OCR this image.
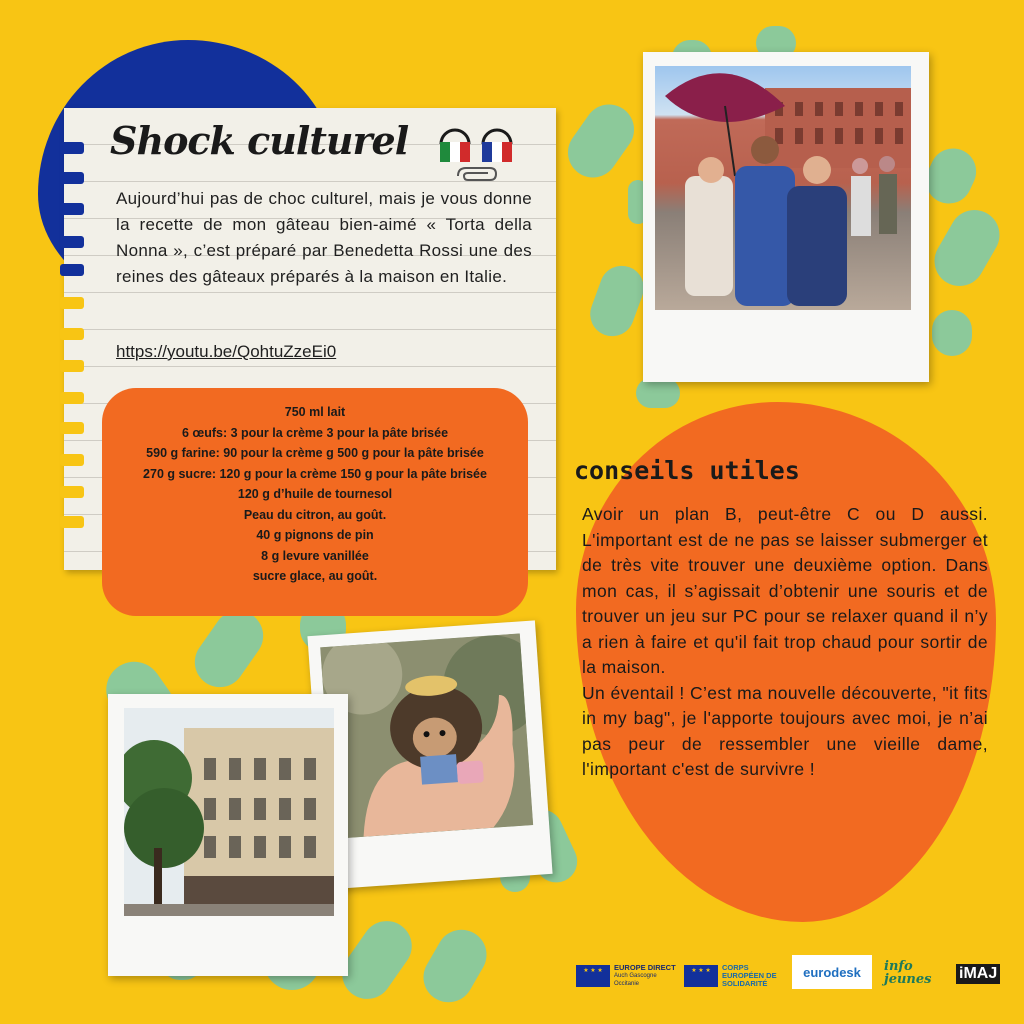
Shock culturel
Aujourd’hui pas de choc culturel, mais je vous donne la recette de mon gâteau bien-aimé « Torta della Nonna », c’est préparé par Benedetta Rossi une des reines des gâteaux préparés à la maison en Italie.
https://youtu.be/QohtuZzeEi0
750 ml lait
6 œufs: 3 pour la crème 3 pour la pâte brisée
590 g farine: 90 pour la crème g 500 g pour la pâte brisée
270 g sucre: 120 g pour la crème 150 g pour la pâte brisée
120 g d’huile de tournesol
Peau du citron, au goût.
40 g pignons de pin
8 g levure vanillée
sucre glace, au goût.
conseils utiles
Avoir un plan B, peut-être C ou D aussi. L'important est de ne pas se laisser submerger et de très vite trouver une deuxième option. Dans mon cas, il s’agissait d’obtenir une souris et de trouver un jeu sur PC pour se relaxer quand il n’y a rien à faire et qu'il fait trop chaud pour sortir de la maison.
Un éventail ! C’est ma nouvelle découverte, "it fits in my bag", je l'apporte toujours avec moi, je n’ai pas peur de ressembler une vieille dame, l'important c'est de survivre !
★ ★ ★
EUROPE DIRECT
Auch Gascogne Occitanie
★ ★ ★
CORPS EUROPÉEN DE SOLIDARITÉ
eurodesk info jeunes	iMAJ
